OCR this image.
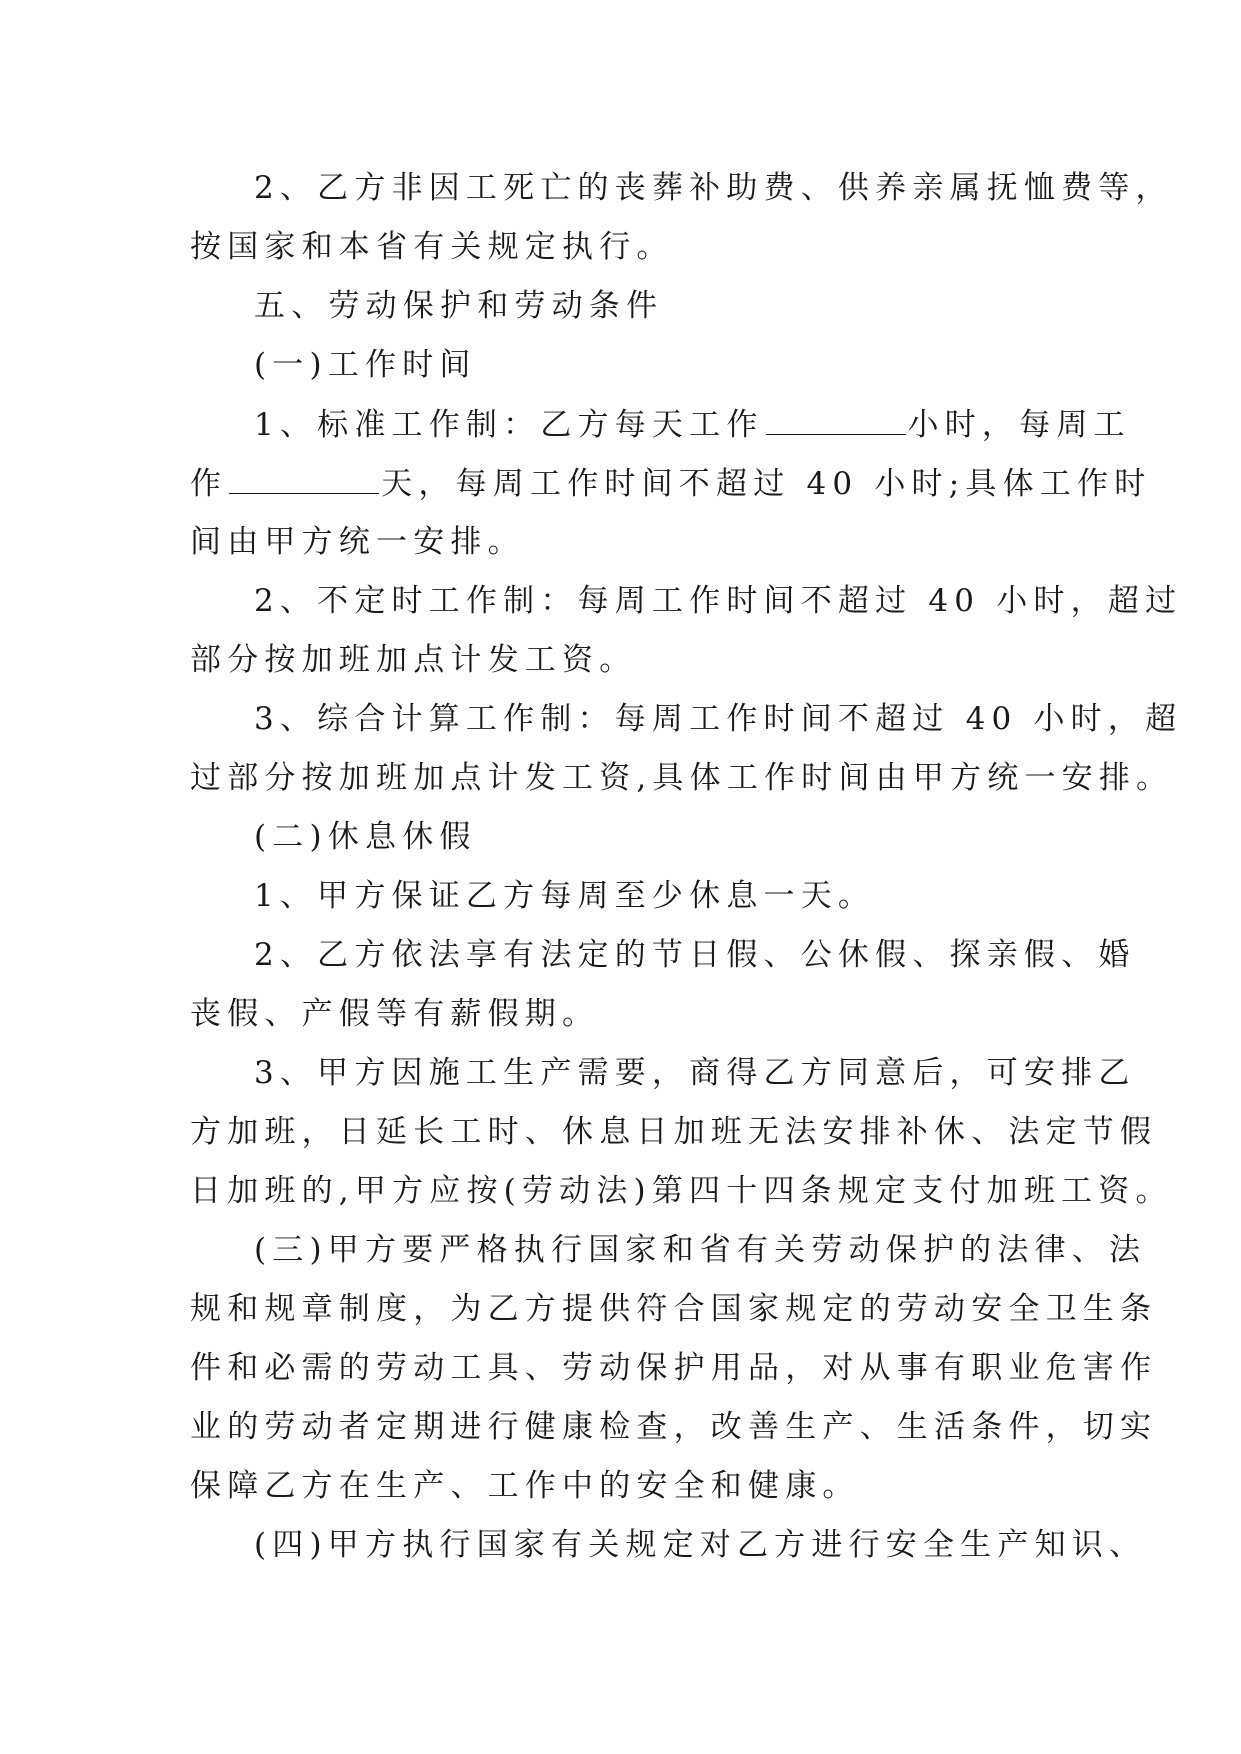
2、乙方非因工死亡的丧葬补助费、供养亲属抚恤费等，
按国家和本省有关规定执行。
五、劳动保护和劳动条件
(一)工作时间
1、标准工作制：乙方每天工作	小时，每周工
作	天，每周工作时间不超过 40 小时;具体工作时
间由甲方统一安排。
2、不定时工作制：每周工作时间不超过 40 小时，超过
部分按加班加点计发工资。
3、综合计算工作制：每周工作时间不超过 40 小时，超
过部分按加班加点计发工资,具体工作时间由甲方统一安排。
(二)休息休假
1、甲方保证乙方每周至少休息一天。
2、乙方依法享有法定的节日假、公休假、探亲假、婚
丧假、产假等有薪假期。
3、甲方因施工生产需要，商得乙方同意后，可安排乙
方加班，日延长工时、休息日加班无法安排补休、法定节假
日加班的,甲方应按(劳动法)第四十四条规定支付加班工资。
(三)甲方要严格执行国家和省有关劳动保护的法律、法
规和规章制度，为乙方提供符合国家规定的劳动安全卫生条
件和必需的劳动工具、劳动保护用品，对从事有职业危害作
业的劳动者定期进行健康检查，改善生产、生活条件，切实
保障乙方在生产、工作中的安全和健康。
(四)甲方执行国家有关规定对乙方进行安全生产知识、
